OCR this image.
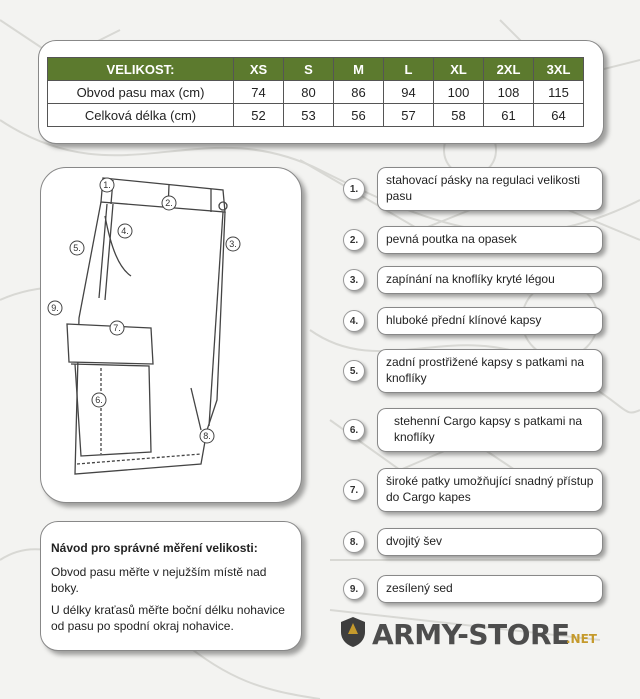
VELIKOST:	XS	S	M	L	XL	2XL	3XL
Obvod pasu max (cm)	74	80	86	94	100	108	115
Celková délka (cm)	52	53	56	57	58	61	64
1.
2.
3.
4.
5.
6.
7.
8.
9.
Návod pro správné měření velikosti:
Obvod pasu měřte v nejužším místě nad boky.
U délky kraťasů měřte boční délku nohavice od pasu po spodní okraj nohavice.
1.
stahovací pásky na regulaci velikosti pasu
2.	pevná poutka na opasek
3.	zapínání na knoflíky kryté légou
4.	hluboké přední klínové kapsy
5.
zadní prostřižené kapsy s patkami na knoflíky
6.
stehenní Cargo kapsy s patkami na knoflíky
7.
široké patky umožňující snadný přístup do Cargo kapes
8.	dvojitý šev
9.	zesílený sed
ARMY-STORE
.NET
